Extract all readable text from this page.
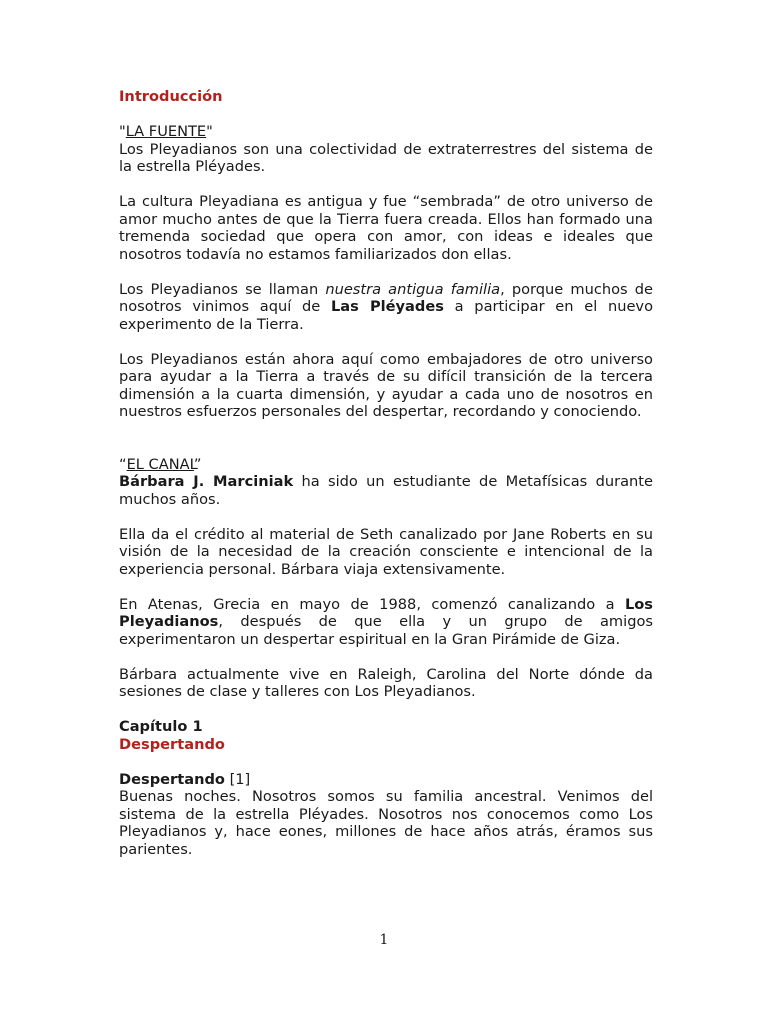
Introducción

"LA FUENTE"

Los Pleyadianos son una colectividad de extraterrestres del sistema de la estrella Pléyades.

La cultura Pleyadiana es antigua y fue “sembrada” de otro universo de amor mucho antes de que la Tierra fuera creada. Ellos han formado una tremenda sociedad que opera con amor, con ideas e ideales que nosotros todavía no estamos familiarizados don ellas.

Los Pleyadianos se llaman nuestra antigua familia, porque muchos de nosotros vinimos aquí de Las Pléyades a participar en el nuevo experimento de la Tierra.

Los Pleyadianos están ahora aquí como embajadores de otro universo para ayudar a la Tierra a través de su difícil transición de la tercera dimensión a la cuarta dimensión, y ayudar a cada uno de nosotros en nuestros esfuerzos personales del despertar, recordando y conociendo.

“EL CANAL”

Bárbara J. Marciniak ha sido un estudiante de Metafísicas durante muchos años.

Ella da el crédito al material de Seth canalizado por Jane Roberts en su visión de la necesidad de la creación consciente e intencional de la experiencia personal. Bárbara viaja extensivamente.

En Atenas, Grecia en mayo de 1988, comenzó canalizando a Los Pleyadianos, después de que ella y un grupo de amigos experimentaron un despertar espiritual en la Gran Pirámide de Giza.

Bárbara actualmente vive en Raleigh, Carolina del Norte dónde da sesiones de clase y talleres con Los Pleyadianos.

Capítulo 1

Despertando

Despertando [1]

Buenas noches. Nosotros somos su familia ancestral. Venimos del sistema de la estrella Pléyades. Nosotros nos conocemos como Los Pleyadianos y, hace eones, millones de hace años atrás, éramos sus parientes.

1
